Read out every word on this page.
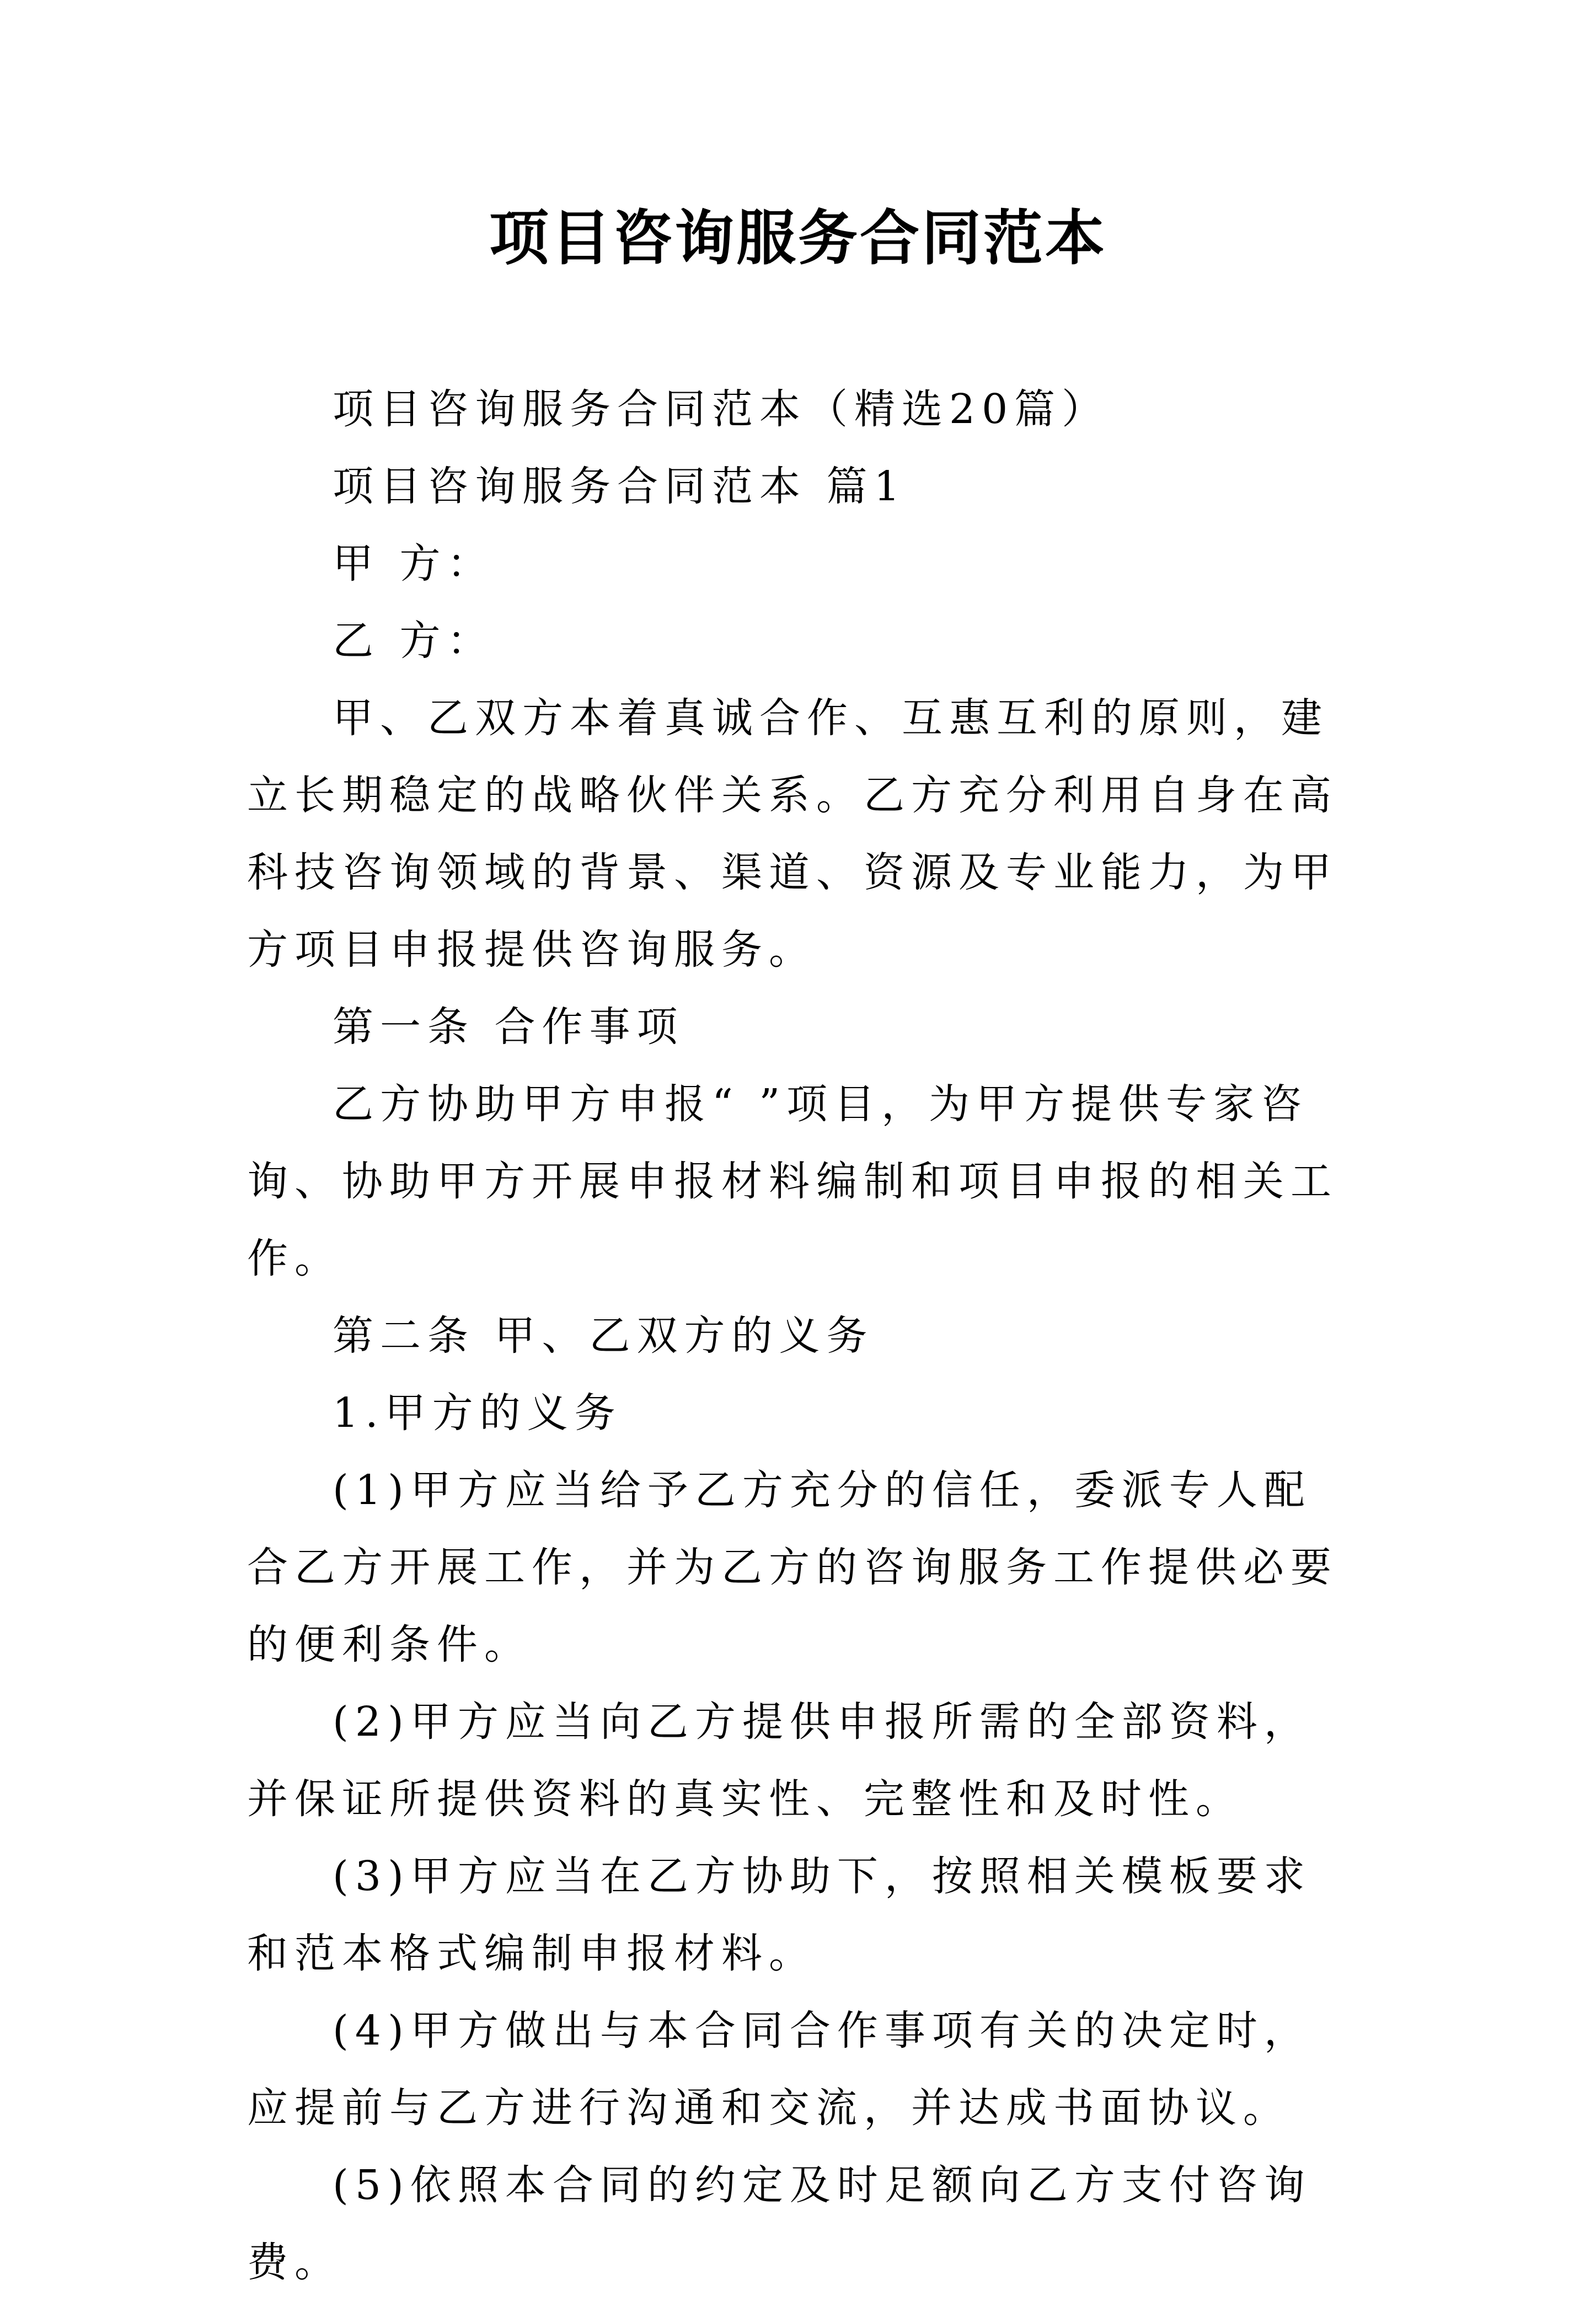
项目咨询服务合同范本

项目咨询服务合同范本（精选20篇）

项目咨询服务合同范本 篇1

甲 方：

乙 方：

甲、乙双方本着真诚合作、互惠互利的原则，建立长期稳定的战略伙伴关系。乙方充分利用自身在高科技咨询领域的背景、渠道、资源及专业能力，为甲方项目申报提供咨询服务。

第一条 合作事项

乙方协助甲方申报“ ”项目，为甲方提供专家咨询、协助甲方开展申报材料编制和项目申报的相关工作。

第二条 甲、乙双方的义务

1.甲方的义务

(1)甲方应当给予乙方充分的信任，委派专人配合乙方开展工作，并为乙方的咨询服务工作提供必要的便利条件。

(2)甲方应当向乙方提供申报所需的全部资料，并保证所提供资料的真实性、完整性和及时性。

(3)甲方应当在乙方协助下，按照相关模板要求和范本格式编制申报材料。

(4)甲方做出与本合同合作事项有关的决定时，应提前与乙方进行沟通和交流，并达成书面协议。

(5)依照本合同的约定及时足额向乙方支付咨询费。
